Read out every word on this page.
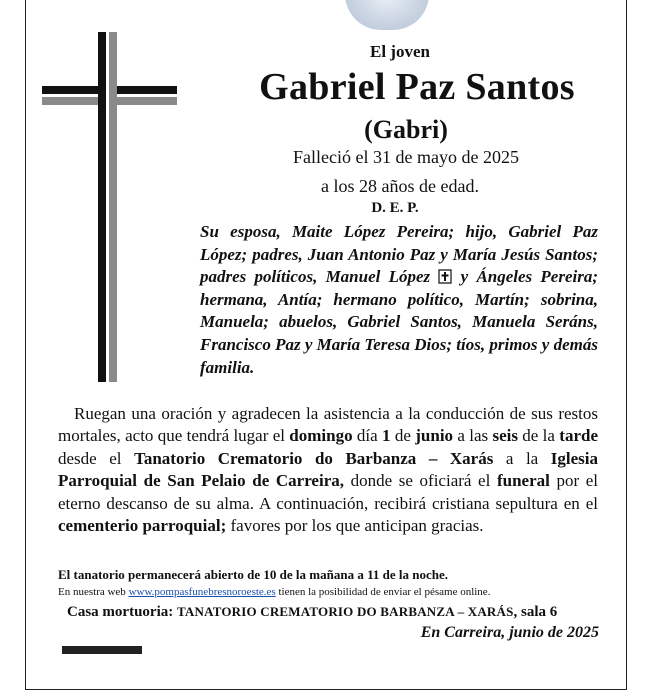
El joven
Gabriel Paz Santos
(Gabri)
Falleció el 31 de mayo de 2025
a los 28 años de edad.
D. E. P.
Su esposa, Maite López Pereira; hijo, Gabriel Paz López; padres, Juan Antonio Paz y María Jesús Santos; padres políticos, Manuel López  y Ángeles Pereira; hermana, Antía; hermano político, Martín; sobrina, Manuela; abuelos, Gabriel Santos, Manuela Seráns, Francisco Paz y María Teresa Dios; tíos, primos y demás familia.
Ruegan una oración y agradecen la asistencia a la conducción de sus restos mortales, acto que tendrá lugar el domingo día 1 de junio a las seis de la tarde desde el Tanatorio Crematorio do Barbanza – Xarás a la Iglesia Parroquial de San Pelaio de Carreira, donde se oficiará el funeral por el eterno descanso de su alma. A continuación, recibirá cristiana sepultura en el cementerio parroquial; favores por los que anticipan gracias.
El tanatorio permanecerá abierto de 10 de la mañana a 11 de la noche.
En nuestra web www.pompasfunebresnoroeste.es tienen la posibilidad de enviar el pésame online.
Casa mortuoria: TANATORIO CREMATORIO DO BARBANZA – XARÁS, sala 6
En Carreira, junio de 2025
